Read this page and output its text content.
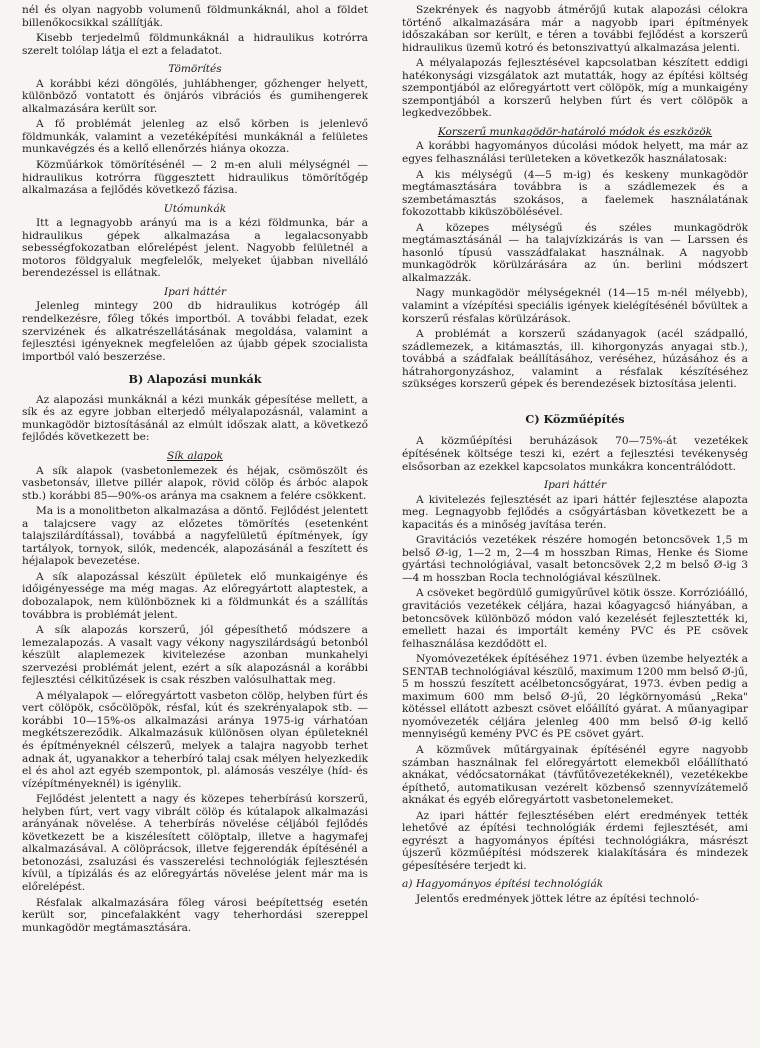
nél és olyan nagyobb volumenű földmunkáknál, ahol a földet billenőkocsikkal szállítják.

Kisebb terjedelmű földmunkáknál a hidraulikus kotrórra szerelt tolólap látja el ezt a feladatot.

Tömörítés

A korábbi kézi döngölés, juhlábhenger, gőzhenger helyett, különböző vontatott és önjárós vibrációs és gumihengerek alkalmazására került sor.

A fő problémát jelenleg az első körben is jelenlevő földmunkák, valamint a vezetéképítési munkáknál a felületes munkavégzés és a kellő ellenőrzés hiánya okozza.

Közműárkok tömörítésénél — 2 m-en aluli mélységnél — hidraulikus kotrórra függesztett hidraulikus tömörítőgép alkalmazása a fejlődés következő fázisa.

Utómunkák

Itt a legnagyobb arányú ma is a kézi földmunka, bár a hidraulikus gépek alkalmazása a legalacsonyabb sebességfokozatban előrelépést jelent. Nagyobb felületnél a motoros földgyaluk megfelelők, melyeket újabban nivelláló berendezéssel is ellátnak.

Ipari háttér

Jelenleg mintegy 200 db hidraulikus kotrógép áll rendelkezésre, főleg tőkés importból. A további feladat, ezek szervizének és alkatrészellátásának megoldása, valamint a fejlesztési igényeknek megfelelően az újabb gépek szocialista importból való beszerzése.

B) Alapozási munkák

Az alapozási munkáknál a kézi munkák gépesítése mellett, a sík és az egyre jobban elterjedő mélyalapozásnál, valamint a munkagödör biztosításánál az elmúlt időszak alatt, a következő fejlődés következett be:

Sík alapok

A sík alapok (vasbetonlemezek és héjak, csömöszölt és vasbetonsáv, illetve pillér alapok, rövid cölöp és árbóc alapok stb.) korábbi 85—90%-os aránya ma csaknem a felére csökkent.

Ma is a monolitbeton alkalmazása a döntő. Fejlődést jelentett a talajcsere vagy az előzetes tömörítés (esetenként talajszilárdítással), továbbá a nagyfelületű építmények, így tartályok, tornyok, silók, medencék, alapozásánál a feszített és héjalapok bevezetése.

A sík alapozással készült épületek elő munkaigénye és időigényessége ma még magas. Az előregyártott alaptestek, a dobozalapok, nem különböznek ki a földmunkát és a szállítás továbbra is problémát jelent.

A sík alapozás korszerű, jól gépesíthető módszere a lemezalapozás. A vasalt vagy vékony nagyszilárdságú betonból készült alaplemezek kivitelezése azonban munkahelyi szervezési problémát jelent, ezért a sík alapozásnál a korábbi fejlesztési célkitűzések is csak részben valósulhattak meg.

A mélyalapok — előregyártott vasbeton cölöp, helyben fúrt és vert cölöpök, csőcölöpök, résfal, kút és szekrényalapok stb. — korábbi 10—15%-os alkalmazási aránya 1975-ig várhatóan megkétszereződik. Alkalmazásuk különösen olyan épületeknél és építményeknél célszerű, melyek a talajra nagyobb terhet adnak át, ugyanakkor a teherbíró talaj csak mélyen helyezkedik el és ahol azt egyéb szempontok, pl. alámosás veszélye (híd- és vízépítményeknél) is igénylik.

Fejlődést jelentett a nagy és közepes teherbírású korszerű, helyben fúrt, vert vagy vibrált cölöp és kútalapok alkalmazási arányának növelése. A teherbírás növelése céljából fejlődés következett be a kiszélesített cölöptalp, illetve a hagymafej alkalmazásával. A cölöprácsok, illetve fejgerendák építésénél a betonozási, zsaluzási és vasszerelési technológiák fejlesztésén kívül, a típizálás és az előregyártás növelése jelent már ma is előrelépést.

Résfalak alkalmazására főleg városi beépítettség esetén került sor, pincefalakként vagy teherhordási szereppel munkagödör megtámasztására.

Szekrények és nagyobb átmérőjű kutak alapozási célokra történő alkalmazására már a nagyobb ipari építmények időszakában sor került, e téren a további fejlődést a korszerű hidraulikus üzemű kotró és betonszivattyú alkalmazása jelenti.

A mélyalapozás fejlesztésével kapcsolatban készített eddigi hatékonysági vizsgálatok azt mutatták, hogy az építési költség szempontjából az előregyártott vert cölöpök, míg a munkaigény szempontjából a korszerű helyben fúrt és vert cölöpök a legkedvezőbbek.

Korszerű munkagödör-határoló módok és eszközök

A korábbi hagyományos dúcolási módok helyett, ma már az egyes felhasználási területeken a következők használatosak:

A kis mélységű (4—5 m-ig) és keskeny munkagödör megtámasztására továbbra is a szádlemezek és a szembetámasztás szokásos, a faelemek használatának fokozottabb kiküszöbölésével.

A közepes mélységű és széles munkagödrök megtámasztásánál — ha talajvízkizárás is van — Larssen és hasonló típusú vasszádfalakat használnak. A nagyobb munkagödrök körülzárására az ún. berlini módszert alkalmazzák.

Nagy munkagödör mélységeknél (14—15 m-nél mélyebb), valamint a vízépítési speciális igények kielégítésénél bővültek a korszerű résfalas körülzárások.

A problémát a korszerű szádanyagok (acél szádpalló, szádlemezek, a kitámasztás, ill. kihorgonyzás anyagai stb.), továbbá a szádfalak beállításához, veréséhez, húzásához és a hátrahorgonyzáshoz, valamint a résfalak készítéséhez szükséges korszerű gépek és berendezések biztosítása jelenti.

C) Közműépítés

A közműépítési beruházások 70—75%-át vezetékek építésének költsége teszi ki, ezért a fejlesztési tevékenység elsősorban az ezekkel kapcsolatos munkákra koncentrálódott.

Ipari háttér

A kivitelezés fejlesztését az ipari háttér fejlesztése alapozta meg. Legnagyobb fejlődés a csőgyártásban következett be a kapacitás és a minőség javítása terén.

Gravitációs vezetékek részére homogén betoncsövek 1,5 m belső Ø-ig, 1—2 m, 2—4 m hosszban Rimas, Henke és Siome gyártási technológiával, vasalt betoncsövek 2,2 m belső Ø-ig 3—4 m hosszban Rocla technológiával készülnek.

A csöveket begördülő gumigyűrűvel kötik össze. Korrózióálló, gravitációs vezetékek céljára, hazai kőagyagcső hiányában, a betoncsövek különböző módon való kezelését fejlesztették ki, emellett hazai és importált kemény PVC és PE csövek felhasználása kezdődött el.

Nyomóvezetékek építéséhez 1971. évben üzembe helyezték a SENTAB technológiával készülő, maximum 1200 mm belső Ø-jű, 5 m hosszú feszített acélbetoncsőgyárat, 1973. évben pedig a maximum 600 mm belső Ø-jű, 20 légkörnyomású „Reka" kötéssel ellátott azbeszt csövet előállító gyárat. A műanyagipar nyomóvezeték céljára jelenleg 400 mm belső Ø-ig kellő mennyiségű kemény PVC és PE csövet gyárt.

A közművek műtárgyainak építésénél egyre nagyobb számban használnak fel előregyártott elemekből előállítható aknákat, védőcsatornákat (távfűtővezetékeknél), vezetékekbe építhető, automatikusan vezérelt közbenső szennyvízátemelő aknákat és egyéb előregyártott vasbetonelemeket.

Az ipari háttér fejlesztésében elért eredmények tették lehetővé az építési technológiák érdemi fejlesztését, ami egyrészt a hagyományos építési technológiákra, másrészt újszerű közműépítési módszerek kialakítására és mindezek gépesítésére terjedt ki.

a) Hagyományos építési technológiák

Jelentős eredmények jöttek létre az építési technoló-
